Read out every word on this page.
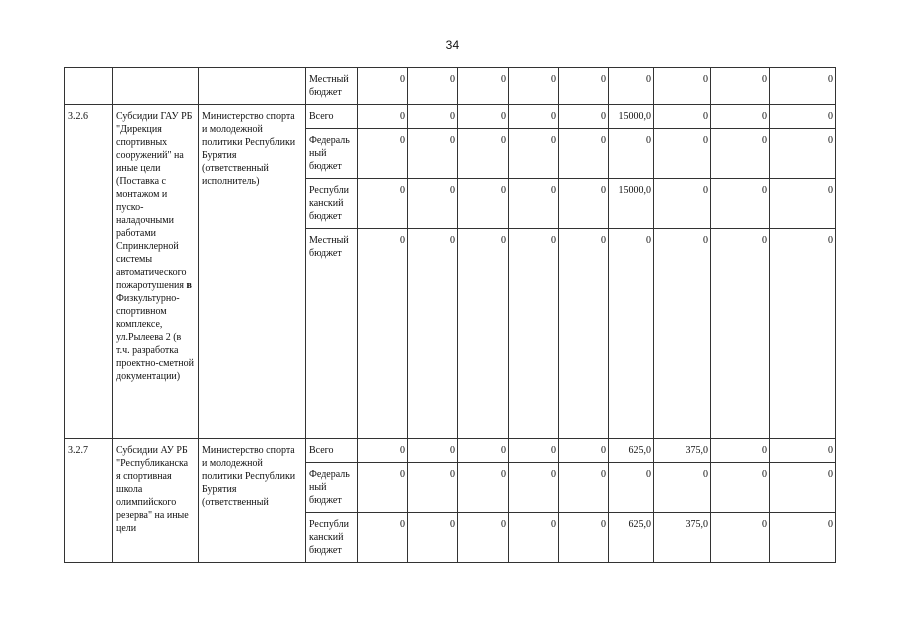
34
			Местный бюджет	0	0	0	0	0	0	0	0	0
3.2.6	Субсидии ГАУ РБ "Дирекция спортивных сооружений" на иные цели (Поставка с монтажом и пуско-наладочными работами Спринклерной системы автоматического пожаротушения в Физкультурно-спортивном комплексе, ул.Рылеева 2 (в т.ч. разработка проектно-сметной документации)	Министерство спорта и молодежной политики Республики Бурятия (ответственный исполнитель)	Всего	0	0	0	0	0	15000,0	0	0	0
			Федераль ный бюджет	0	0	0	0	0	0	0	0	0
			Республи канский бюджет	0	0	0	0	0	15000,0	0	0	0
			Местный бюджет	0	0	0	0	0	0	0	0	0
3.2.7	Субсидии АУ РБ "Республиканска я спортивная школа олимпийского резерва" на иные цели	Министерство спорта и молодежной политики Республики Бурятия (ответственный	Всего	0	0	0	0	0	625,0	375,0	0	0
			Федераль ный бюджет	0	0	0	0	0	0	0	0	0
			Республи канский бюджет	0	0	0	0	0	625,0	375,0	0	0
